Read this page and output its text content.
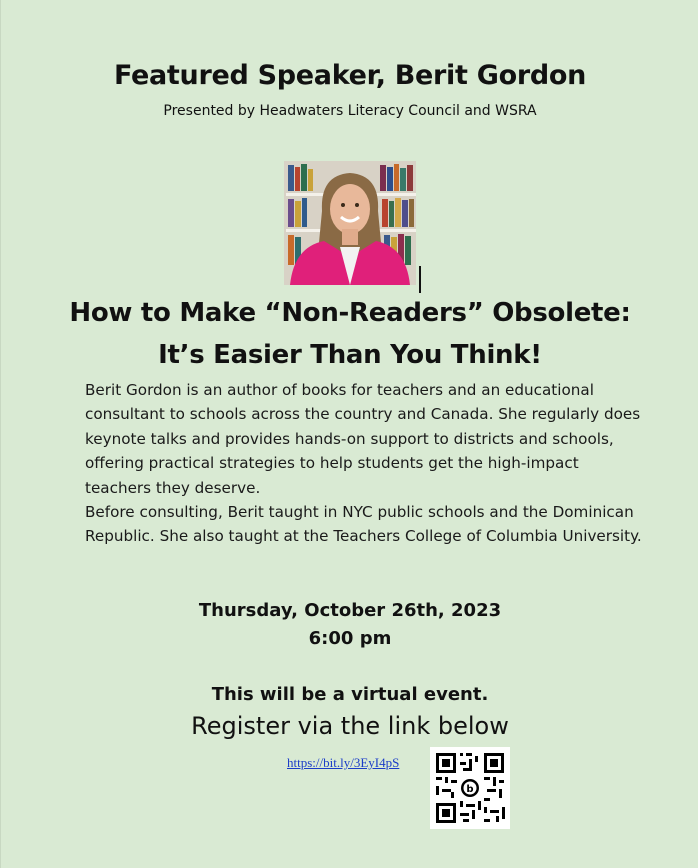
Featured Speaker, Berit Gordon
Presented by Headwaters Literacy Council and WSRA
How to Make “Non-Readers” Obsolete:
It’s Easier Than You Think!

Berit Gordon is an author of books for teachers and an educational consultant to schools across the country and Canada. She regularly does keynote talks and provides hands-on support to districts and schools, offering practical strategies to help students get the high-impact teachers they deserve.

Before consulting, Berit taught in NYC public schools and the Dominican Republic. She also taught at the Teachers College of Columbia University.

Thursday, October 26th, 2023
6:00 pm
This will be a virtual event.
Register via the link below
https://bit.ly/3EyI4pS
b
